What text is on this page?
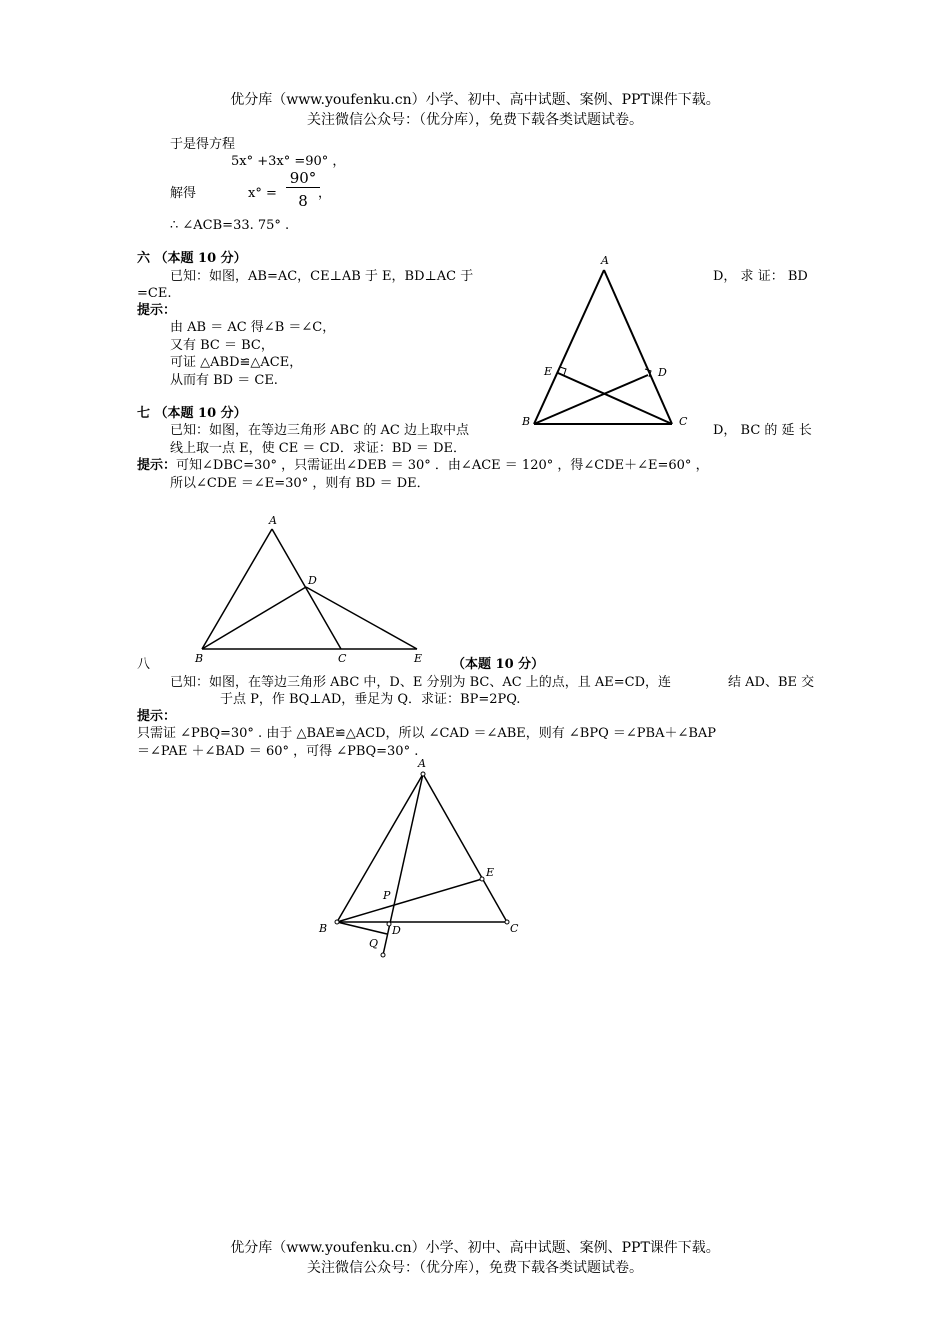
优分库（www.youfenku.cn）小学、初中、高中试题、案例、PPT课件下载。
关注微信公众号：（优分库），免费下载各类试题试卷。
于是得方程
5x° +3x° =90° ，
解得	x° =
90°
8 ，
∴ ∠ACB=33. 75° .
六 （本题 10 分）
已知：如图，AB=AC，CE⊥AB 于 E，BD⊥AC 于	D， 求 证： BD
=CE.
提示：
由 AB ＝ AC 得∠B ＝∠C，
又有 BC ＝ BC，
可证 △ABD≌△ACE，
从而有 BD ＝ CE.
A
B	C
D
E
七 （本题 10 分）
已知：如图，在等边三角形 ABC 的 AC 边上取中点	D， BC 的 延 长
线上取一点 E，使 CE ＝ CD．求证：BD ＝ DE．
提示：可知∠DBC=30° ，只需证出∠DEB ＝ 30° ．由∠ACE ＝ 120° ，得∠CDE＋∠E=60° ，
所以∠CDE ＝∠E=30° ，则有 BD ＝ DE．
A
B	C
D
E
八	（本题 10 分）
已知：如图，在等边三角形 ABC 中，D、E 分别为 BC、AC 上的点，且 AE=CD，连	结 AD、BE 交
于点 P，作 BQ⊥AD，垂足为 Q．求证：BP=2PQ.
提示：
只需证 ∠PBQ=30° . 由于 △BAE≌△ACD，所以 ∠CAD ＝∠ABE，则有 ∠BPQ ＝∠PBA＋∠BAP
＝∠PAE ＋∠BAD ＝ 60° ，可得 ∠PBQ=30° .
A
B	C
D
E
P
Q
优分库（www.youfenku.cn）小学、初中、高中试题、案例、PPT课件下载。
关注微信公众号：（优分库），免费下载各类试题试卷。
